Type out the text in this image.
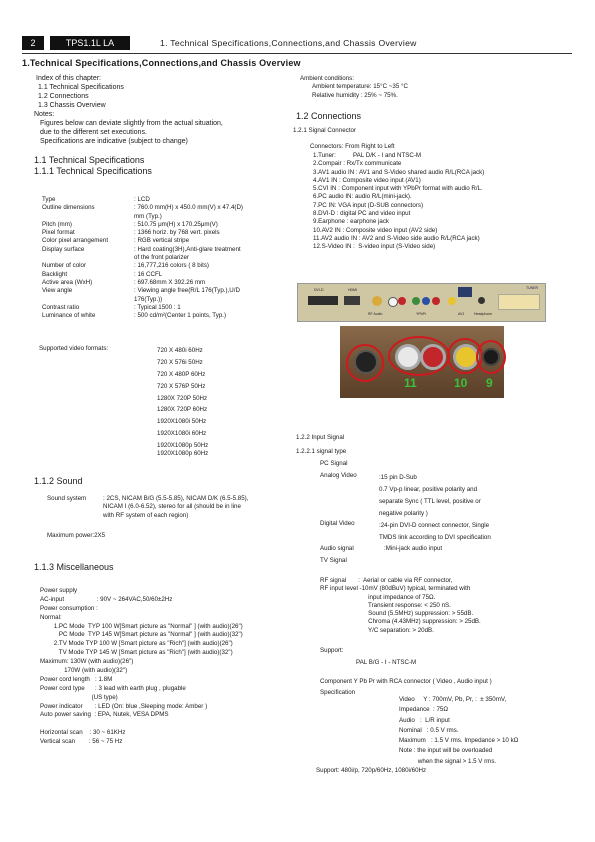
2	TPS1.1L LA	1. Technical Specifications,Connections,and Chassis Overview
1.Technical Specifications,Connections,and Chassis Overview
Index of this chapter:
1.1 Technical Specifications
1.2 Connections
1.3 Chassis Overview
Notes:
Figures below can deviate slightly from the actual situation,
due to the different set executions.
Specifications are indicative (subject to change)
1.1 Technical Specifications
1.1.1 Technical Specifications
Type	: LCD
Outline dimensions	: 760.0 mm(H) x 450.0 mm(V) x 47.4(D)
mm (Typ.)
Pitch (mm)	: 510.75 μm(H) x 170.25μm(V)
Pixel format	: 1366 horiz. by 768 vert. pixels
Color pixel arrangement	: RGB vertical stripe
Display surface	: Hard coating(3H),Anti-glare treatment
of the front polarizer
Number of color	: 16,777,216 colors ( 8 bits)
Backlight	: 16 CCFL
Active area (WxH)	: 697.68mm X 392.26 mm
View angle	: Viewing angle free(R/L 176(Typ.),U/D
176(Typ.))
Contrast ratio	: Typical 1500 : 1
Luminance of white	: 500 cd/m²(Center 1 points, Typ.)
Supported video formats:	720 X 480i 60Hz
720 X 576i 50Hz
720 X 480P 60Hz
720 X 576P 50Hz
1280X 720P 50Hz
1280X 720P 60Hz
1920X1080i 50Hz
1920X1080i 60Hz
1920X1080p 50Hz
1920X1080p 60Hz
1.1.2 Sound
Sound system	: 2CS, NICAM B/G (5.5-5.85), NICAM D/K (6.5-5.85),
NICAM I (6.0-6.52), stereo for all (should be in line
with RF system of each region)
Maximum power:2X5
1.1.3 Miscellaneous
Power supply
AC-input                   : 90V ~ 264VAC,50/60±2Hz
Power consumption :
Normal:
1.PC Mode  TYP 100 W[Smart picture as "Normal" ] (with audio)(26")
PC Mode  TYP 145 W[Smart picture as "Normal" ] (with audio)(32")
2.TV Mode TYP 100 W [Smart picture as "Rich"] (with audio)(26")
TV Mode TYP 145 W [Smart picture as "Rich"] (with audio)(32")
Maximum: 130W (with audio)(26")
170W (with audio)(32")
Power cord length   : 1.8M
Power cord type      : 3 lead with earth plug , plugable
(US type)
Power indicator       : LED (On: blue ,Sleeping mode: Amber )
Auto power saving  : EPA, Nutek, VESA DPMS
Horizontal scan    : 30 ~ 61KHz
Vertical scan        : 56 ~ 75 Hz
Ambient conditions:
Ambient temperature: 15°C ~35 °C
Relative humidity : 25% ~ 75%.
1.2 Connections
1.2.1 Signal Connector
Connectors: From Right to Left
1.Tuner:          PAL D/K - I and NTSC-M
2.Compair : Rx/Tx communicate
3.AV1 audio IN : AV1 and S-Video shared audio R/L(RCA jack)
4.AV1 IN : Composite video input (AV1)
5.CVI IN : Component input with YPbPr format with audio R/L.
6.PC audio IN: audio R/L(mini-jack).
7.PC IN: VGA input (D-SUB connectors)
8.DVI-D : digital PC and video input
9.Earphone : earphone jack
10.AV2 IN : Composite video input (AV2 side)
11.AV2 audio IN : AV2 and S-Video side audio R/L(RCA jack)
12.S-Video IN :  S-video input (S-Video side)
DVI-D	HDMI
RF Audio	YPbPr	AV1	Headphone
TUNER
11	10 9
1.2.2 Input Signal
1.2.2.1 signal type
PC Signal
Analog Video	:15 pin D-Sub
0.7 Vp-p linear, positive polarity and
separate Sync ( TTL level, positive or
negative polarity )
Digital Video	:24-pin DVI-D connect connector, Single
TMDS link according to DVI specification
Audio signal	:Mini-jack audio input
TV Signal
RF signal       :  Aerial or cable via RF connector,
RF input level -10mV (80dBuV) typical, terminated with
input impedance of 75Ω.
Transient response: < 250 nS.
Sound (5.5MHz) suppression: > 55dB.
Chroma (4.43MHz) suppression: > 25dB.
Y/C separation: > 20dB.
Support:
PAL B/G - I - NTSC-M
Component Y Pb Pr with RCA connector ( Video , Audio input )
Specification
Video     Y : 700mV, Pb, Pr, :  ± 350mV,
Impedance  : 75Ω
Audio   :  L/R input
Nominal   : 0.5 V rms.
Maximum   : 1.5 V rms. Impedance > 10 kΩ
Note : the input will be overloaded
when the signal > 1.5 V rms.
Support: 480i/p, 720p/60Hz, 1080i/60Hz
